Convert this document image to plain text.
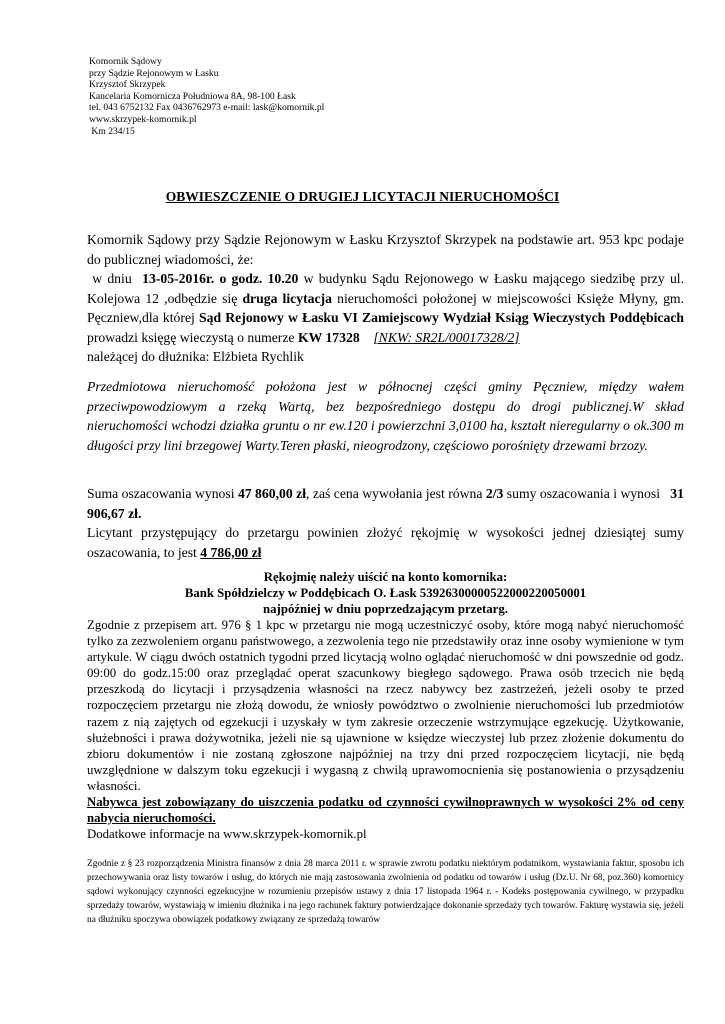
Komornik Sądowy
przy Sądzie Rejonowym w Łasku
Krzysztof Skrzypek
Kancelaria Komornicza Południowa 8A, 98-100 Łask
tel. 043 6752132 Fax 0436762973 e-mail: lask@komornik.pl
www.skrzypek-komornik.pl
Km 234/15
OBWIESZCZENIE O DRUGIEJ LICYTACJI NIERUCHOMOŚCI

Komornik Sądowy przy Sądzie Rejonowym w Łasku Krzysztof Skrzypek na podstawie art. 953 kpc podaje do publicznej wiadomości, że:

w dniu  13-05-2016r. o godz. 10.20 w budynku Sądu Rejonowego w Łasku mającego siedzibę przy ul. Kolejowa 12 ,odbędzie się druga licytacja nieruchomości położonej w miejscowości Księże Młyny, gm. Pęczniew,dla której Sąd Rejonowy w Łasku VI Zamiejscowy Wydział Ksiąg Wieczystych Poddębicach prowadzi księgę wieczystą o numerze KW 17328 [NKW: SR2L/00017328/2]

należącej do dłużnika: Elżbieta Rychlik

Przedmiotowa nieruchomość położona jest w północnej części gminy Pęczniew, między wałem przeciwpowodziowym a rzeką Wartą, bez bezpośredniego dostępu do drogi publicznej.W skład nieruchomości wchodzi działka gruntu o nr ew.120 i powierzchni 3,0100 ha, kształt nieregularny o ok.300 m długości przy lini brzegowej Warty.Teren płaski, nieogrodzony, częściowo porośnięty drzewami brzozy.

Suma oszacowania wynosi 47 860,00 zł, zaś cena wywołania jest równa 2/3 sumy oszacowania i wynosi   31 906,67 zł.

Licytant przystępujący do przetargu powinien złożyć rękojmię w wysokości jednej dziesiątej sumy oszacowania, to jest 4 786,00 zł

Rękojmię należy uiścić na konto komornika:
Bank Spółdzielczy w Poddębicach O. Łask 53926300000522000220050001
najpóźniej w dniu poprzedzającym przetarg.

Zgodnie z przepisem art. 976 § 1 kpc w przetargu nie mogą uczestniczyć osoby, które mogą nabyć nieruchomość tylko za zezwoleniem organu państwowego, a zezwolenia tego nie przedstawiły oraz inne osoby wymienione w tym artykule. W ciągu dwóch ostatnich tygodni przed licytacją wolno oglądać nieruchomość w dni powszednie od godz. 09:00 do godz.15:00 oraz przeglądać operat szacunkowy biegłego sądowego. Prawa osób trzecich nie będą przeszkodą do licytacji i przysądzenia własności na rzecz nabywcy bez zastrzeżeń, jeżeli osoby te przed rozpoczęciem przetargu nie złożą dowodu, że wniosły powództwo o zwolnienie nieruchomości lub przedmiotów razem z nią zajętych od egzekucji i uzyskały w tym zakresie orzeczenie wstrzymujące egzekucję. Użytkowanie, służebności i prawa dożywotnika, jeżeli nie są ujawnione w księdze wieczystej lub przez złożenie dokumentu do zbioru dokumentów i nie zostaną zgłoszone najpóźniej na trzy dni przed rozpoczęciem licytacji, nie będą uwzględnione w dalszym toku egzekucji i wygasną z chwilą uprawomocnienia się postanowienia o przysądzeniu własności.

Nabywca jest zobowiązany do uiszczenia podatku od czynności cywilnoprawnych w wysokości 2% od ceny nabycia nieruchomości.

Dodatkowe informacje na www.skrzypek-komornik.pl

Zgodnie z § 23 rozporządzenia Ministra finansów z dnia 28 marca 2011 r. w sprawie zwrotu podatku niektórym podatnikom, wystawiania faktur, sposobu ich przechowywania oraz listy towarów i usług, do których nie mają zastosowania zwolnienia od podatku od towarów i usług (Dz.U. Nr 68, poz.360) komornicy sądowi wykonujący czynności egzekucyjne w rozumieniu przepisów ustawy z dnia 17 listopada 1964 r. - Kodeks postępowania cywilnego, w przypadku sprzedaży towarów, wystawiają w imieniu dłużnika i na jego rachunek faktury potwierdzające dokonanie sprzedaży tych towarów. Fakturę wystawia się, jeżeli na dłużniku spoczywa obowiązek podatkowy związany ze sprzedażą towarów
